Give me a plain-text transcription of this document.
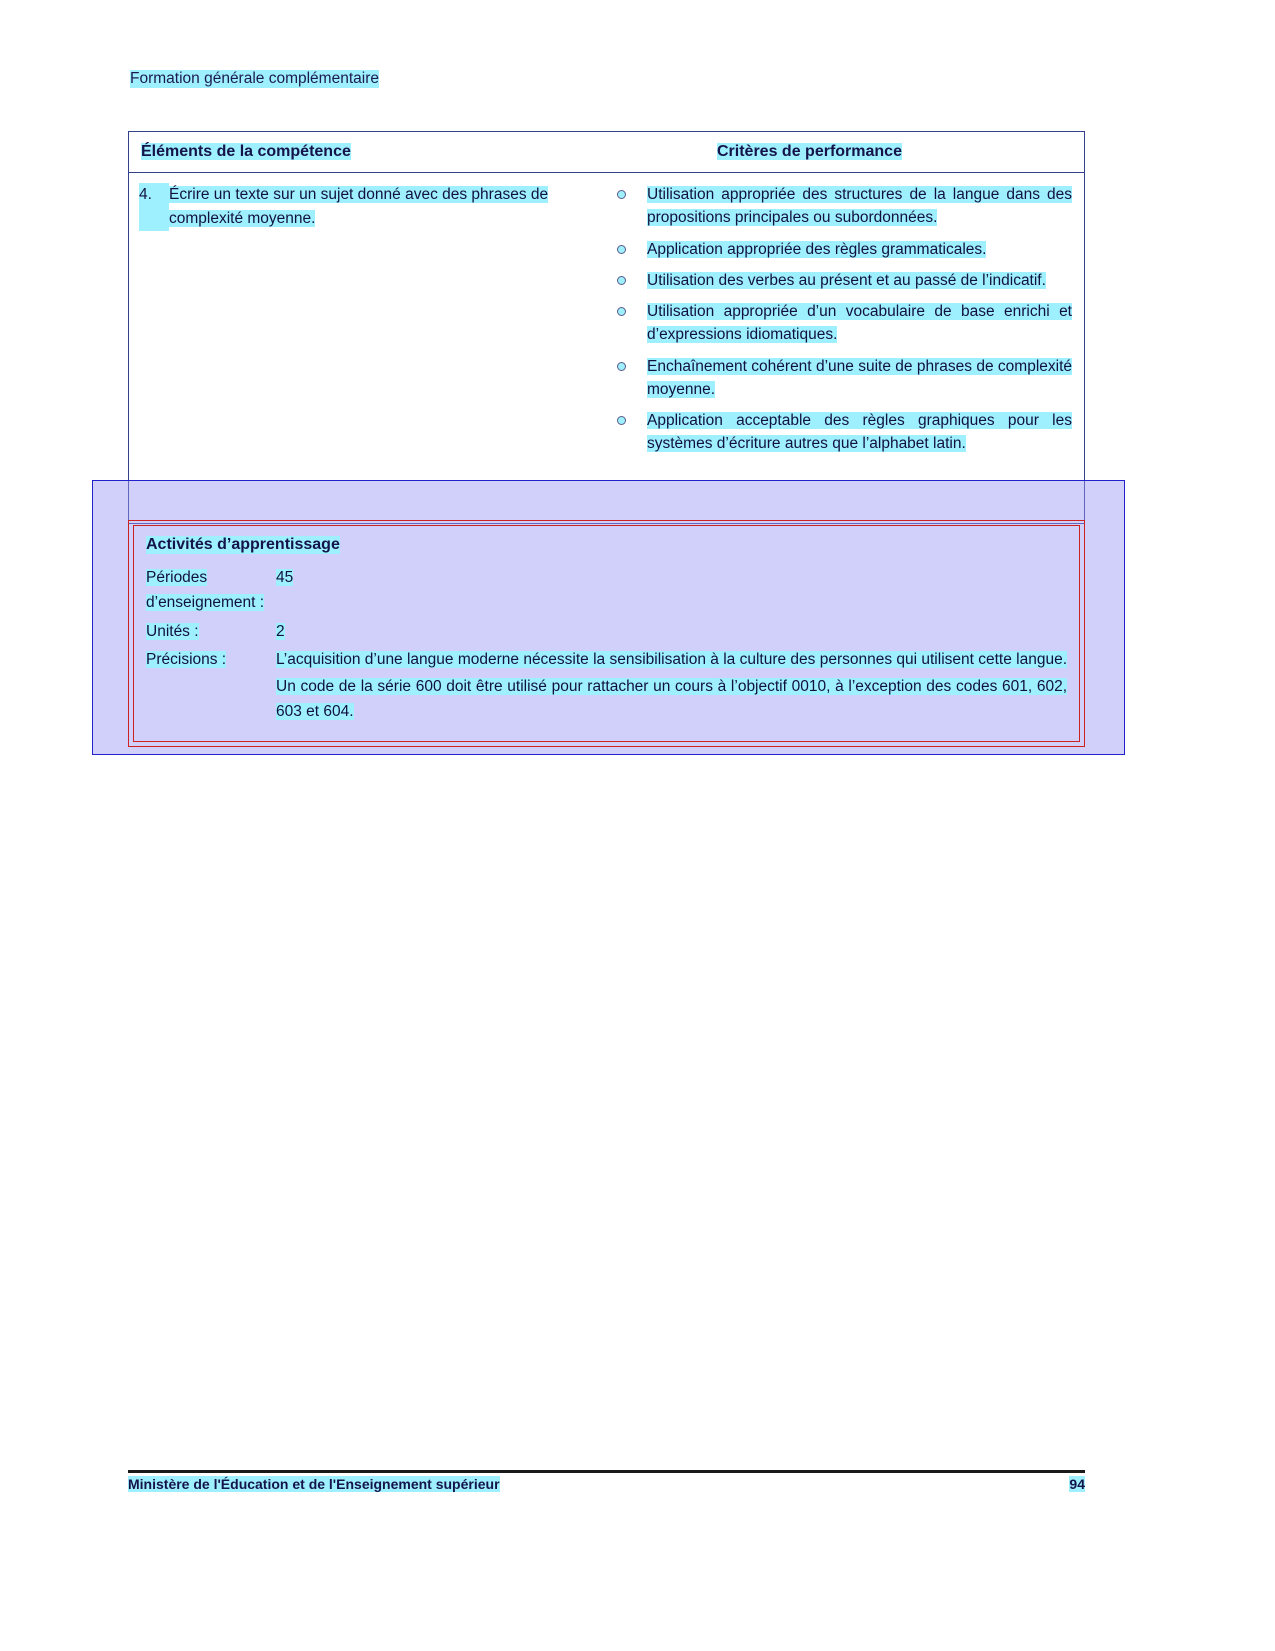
Formation générale complémentaire
Éléments de la compétence	Critères de performance
4.	Écrire un texte sur un sujet donné avec des phrases de complexité moyenne.
Utilisation appropriée des structures de la langue dans des propositions principales ou subordonnées.
Application appropriée des règles grammaticales.
Utilisation des verbes au présent et au passé de l’indicatif.
Utilisation appropriée d’un vocabulaire de base enrichi et d’expressions idiomatiques.
Enchaînement cohérent d’une suite de phrases de complexité moyenne.
Application acceptable des règles graphiques pour les systèmes d’écriture autres que l’alphabet latin.
Activités d’apprentissage
Périodes d’enseignement :
45
Unités :	2
Précisions :	L’acquisition d’une langue moderne nécessite la sensibilisation à la culture des personnes qui utilisent cette langue.

Un code de la série 600 doit être utilisé pour rattacher un cours à l’objectif 0010, à l’exception des codes 601, 602, 603 et 604.

Ministère de l'Éducation et de l'Enseignement supérieur	94
